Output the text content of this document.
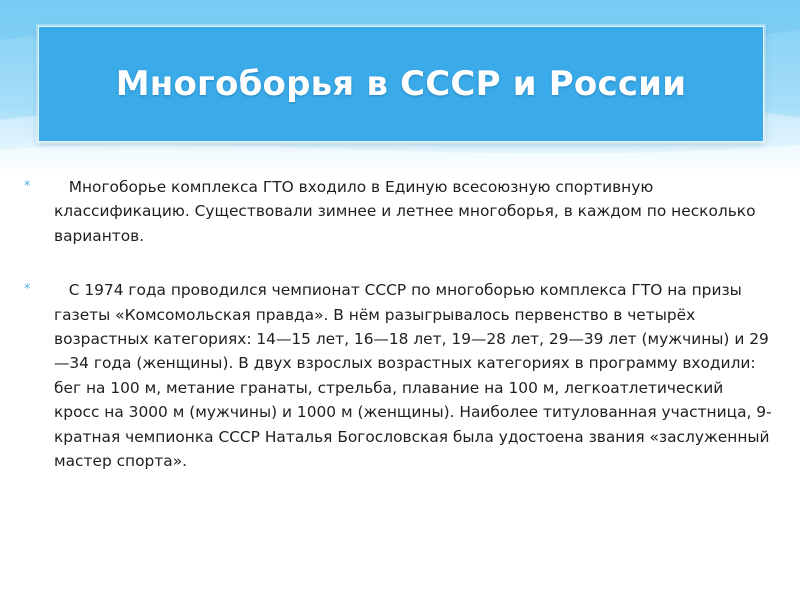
Многоборья в СССР и России

* Многоборье комплекса ГТО входило в Единую всесоюзную спортивную классификацию. Существовали зимнее и летнее многоборья, в каждом по несколько вариантов.

* С 1974 года проводился чемпионат СССР по многоборью комплекса ГТО на призы газеты «Комсомольская правда». В нём разыгрывалось первенство в четырёх возрастных категориях: 14—15 лет, 16—18 лет, 19—28 лет, 29—39 лет (мужчины) и 29—34 года (женщины). В двух взрослых возрастных категориях в программу входили: бег на 100 м, метание гранаты, стрельба, плавание на 100 м, легкоатлетический кросс на 3000 м (мужчины) и 1000 м (женщины). Наиболее титулованная участница, 9-кратная чемпионка СССР Наталья Богословская была удостоена звания «заслуженный мастер спорта».
